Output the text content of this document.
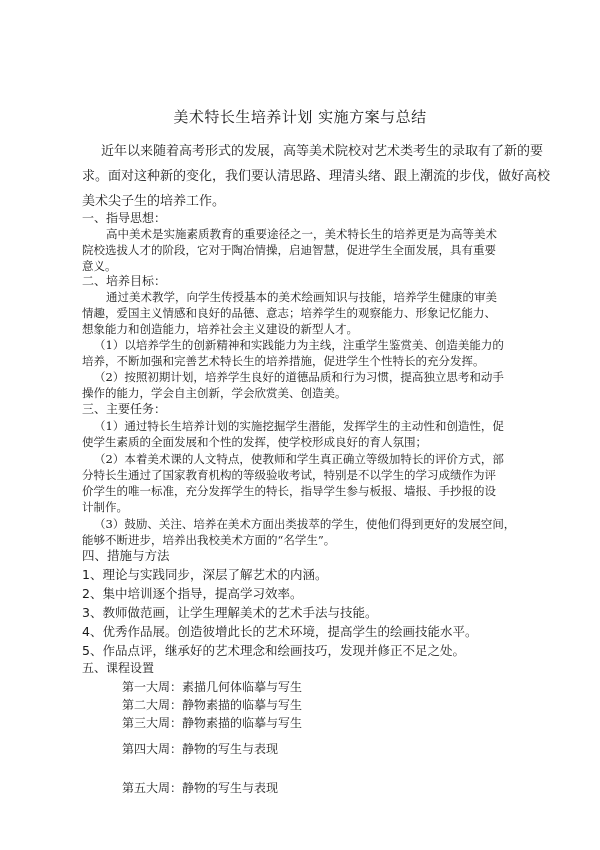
美术特长生培养计划 实施方案与总结

近年以来随着高考形式的发展，高等美术院校对艺术类考生的录取有了新的要

求。面对这种新的变化，我们要认清思路、理清头绪、跟上潮流的步伐，做好高校

美术尖子生的培养工作。

一、指导思想：

高中美术是实施素质教育的重要途径之一，美术特长生的培养更是为高等美术

院校选拔人才的阶段，它对于陶冶情操，启迪智慧，促进学生全面发展，具有重要

意义。

二、培养目标：

通过美术教学，向学生传授基本的美术绘画知识与技能，培养学生健康的审美

情趣，爱国主义情感和良好的品德、意志；培养学生的观察能力、形象记忆能力、

想象能力和创造能力，培养社会主义建设的新型人才。

（1）以培养学生的创新精神和实践能力为主线，注重学生鉴赏美、创造美能力的

培养，不断加强和完善艺术特长生的培养措施，促进学生个性特长的充分发挥。

（2）按照初期计划，培养学生良好的道德品质和行为习惯，提高独立思考和动手

操作的能力，学会自主创新，学会欣赏美、创造美。

三、主要任务：

（1）通过特长生培养计划的实施挖掘学生潜能，发挥学生的主动性和创造性，促

使学生素质的全面发展和个性的发挥，使学校形成良好的育人氛围；

（2）本着美术课的人文特点，使教师和学生真正确立等级加特长的评价方式，部

分特长生通过了国家教育机构的等级验收考试，特别是不以学生的学习成绩作为评

价学生的唯一标准，充分发挥学生的特长，指导学生参与板报、墙报、手抄报的设

计制作。

（3）鼓励、关注、培养在美术方面出类拔萃的学生，使他们得到更好的发展空间，

能够不断进步，培养出我校美术方面的“名学生”。

四、措施与方法

1、理论与实践同步，深层了解艺术的内涵。

2、集中培训逐个指导，提高学习效率。

3、教师做范画，让学生理解美术的艺术手法与技能。

4、优秀作品展。创造彼增此长的艺术环境，提高学生的绘画技能水平。

5、作品点评，继承好的艺术理念和绘画技巧，发现并修正不足之处。

五、课程设置

第一大周：素描几何体临摹与写生

第二大周：静物素描的临摹与写生

第三大周：静物素描的临摹与写生

第四大周：静物的写生与表现

第五大周：静物的写生与表现
